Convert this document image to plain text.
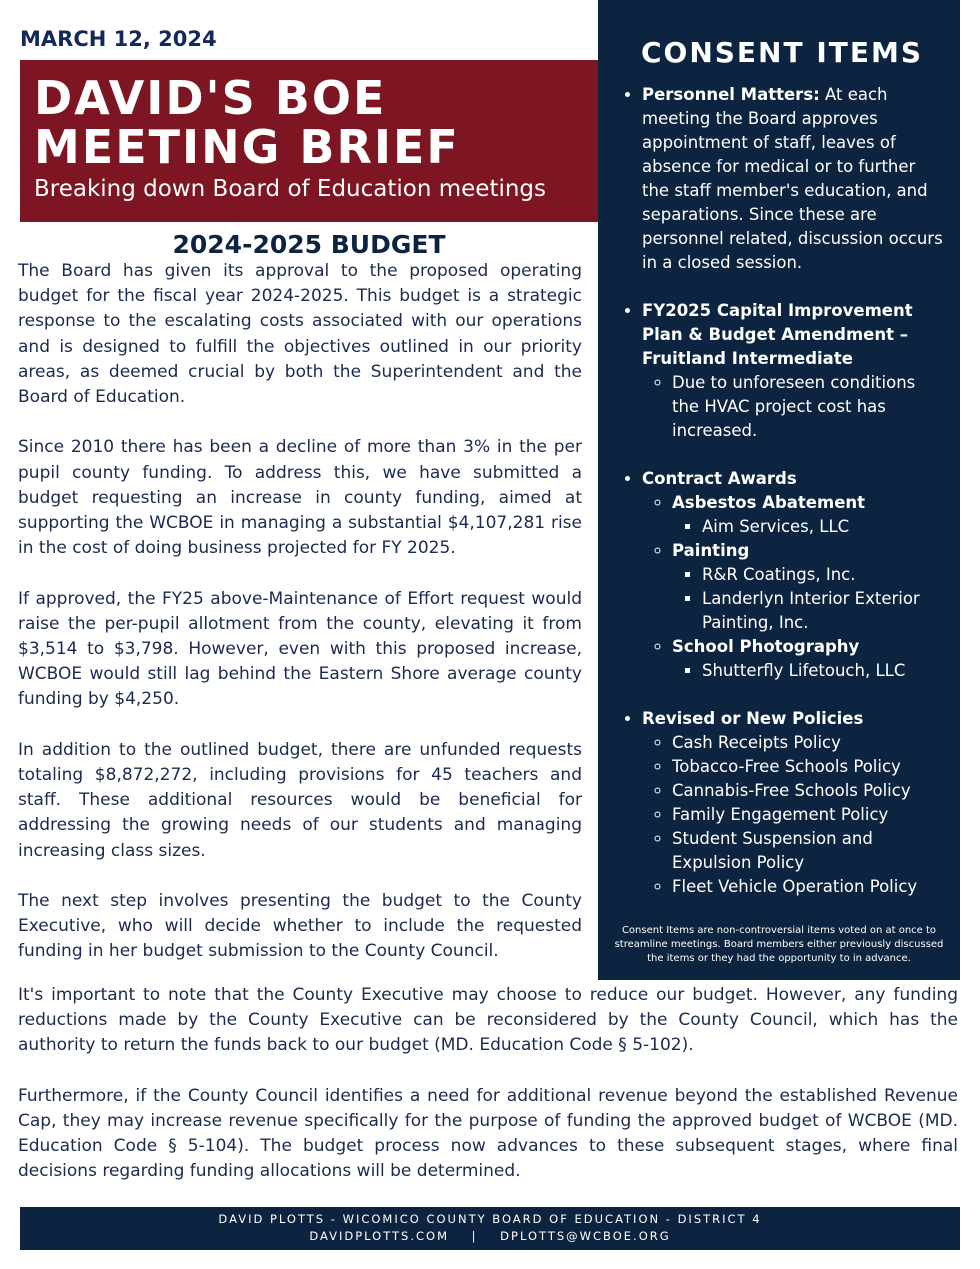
MARCH 12, 2024
DAVID'S BOE
MEETING BRIEF
Breaking down Board of Education meetings
2024-2025 BUDGET

The Board has given its approval to the proposed operating budget for the fiscal year 2024-2025. This budget is a strategic response to the escalating costs associated with our operations and is designed to fulfill the objectives outlined in our priority areas, as deemed crucial by both the Superintendent and the Board of Education.

Since 2010 there has been a decline of more than 3% in the per pupil county funding. To address this, we have submitted a budget requesting an increase in county funding, aimed at supporting the WCBOE in managing a substantial $4,107,281 rise in the cost of doing business projected for FY 2025.

If approved, the FY25 above-Maintenance of Effort request would raise the per-pupil allotment from the county, elevating it from $3,514 to $3,798. However, even with this proposed increase, WCBOE would still lag behind the Eastern Shore average county funding by $4,250.

In addition to the outlined budget, there are unfunded requests totaling $8,872,272, including provisions for 45 teachers and staff. These additional resources would be beneficial for addressing the growing needs of our students and managing increasing class sizes.

The next step involves presenting the budget to the County Executive, who will decide whether to include the requested funding in her budget submission to the County Council.

CONSENT ITEMS
• Personnel Matters: At each meeting the Board approves appointment of staff, leaves of absence for medical or to further the staff member's education, and separations. Since these are personnel related, discussion occurs in a closed session.
• FY2025 Capital Improvement Plan & Budget Amendment – Fruitland Intermediate
◦ Due to unforeseen conditions the HVAC project cost has increased.
• Contract Awards
◦ Asbestos Abatement
▪ Aim Services, LLC
◦ Painting
▪ R&R Coatings, Inc.
▪ Landerlyn Interior Exterior Painting, Inc.
◦ School Photography
▪ Shutterfly Lifetouch, LLC
• Revised or New Policies
◦ Cash Receipts Policy
◦ Tobacco-Free Schools Policy
◦ Cannabis-Free Schools Policy
◦ Family Engagement Policy
◦ Student Suspension and Expulsion Policy
◦ Fleet Vehicle Operation Policy
Consent Items are non-controversial items voted on at once to streamline meetings. Board members either previously discussed the items or they had the opportunity to in advance.

It's important to note that the County Executive may choose to reduce our budget. However, any funding reductions made by the County Executive can be reconsidered by the County Council, which has the authority to return the funds back to our budget (MD. Education Code § 5-102).

Furthermore, if the County Council identifies a need for additional revenue beyond the established Revenue Cap, they may increase revenue specifically for the purpose of funding the approved budget of WCBOE (MD. Education Code § 5-104). The budget process now advances to these subsequent stages, where final decisions regarding funding allocations will be determined.

DAVID PLOTTS - WICOMICO COUNTY BOARD OF EDUCATION - DISTRICT 4
DAVIDPLOTTS.COM | DPLOTTS@WCBOE.ORG
